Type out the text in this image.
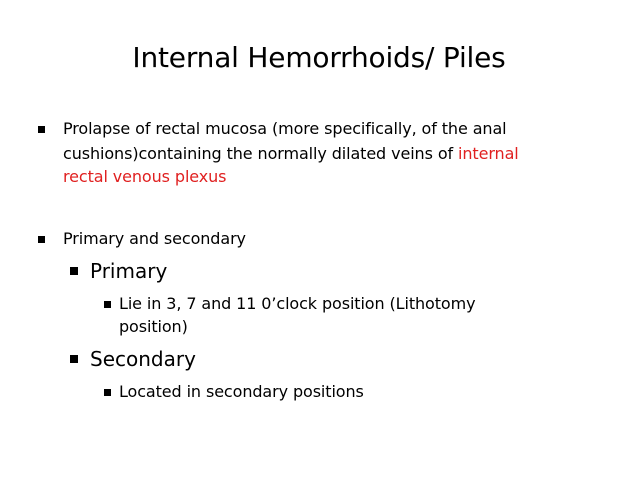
Internal Hemorrhoids/ Piles
Prolapse of rectal mucosa (more specifically, of the anal
cushions)containing the normally dilated veins of internal
rectal venous plexus
Primary and secondary
Primary
Lie in 3, 7 and 11 0’clock position (Lithotomy
position)
Secondary
Located in secondary positions
